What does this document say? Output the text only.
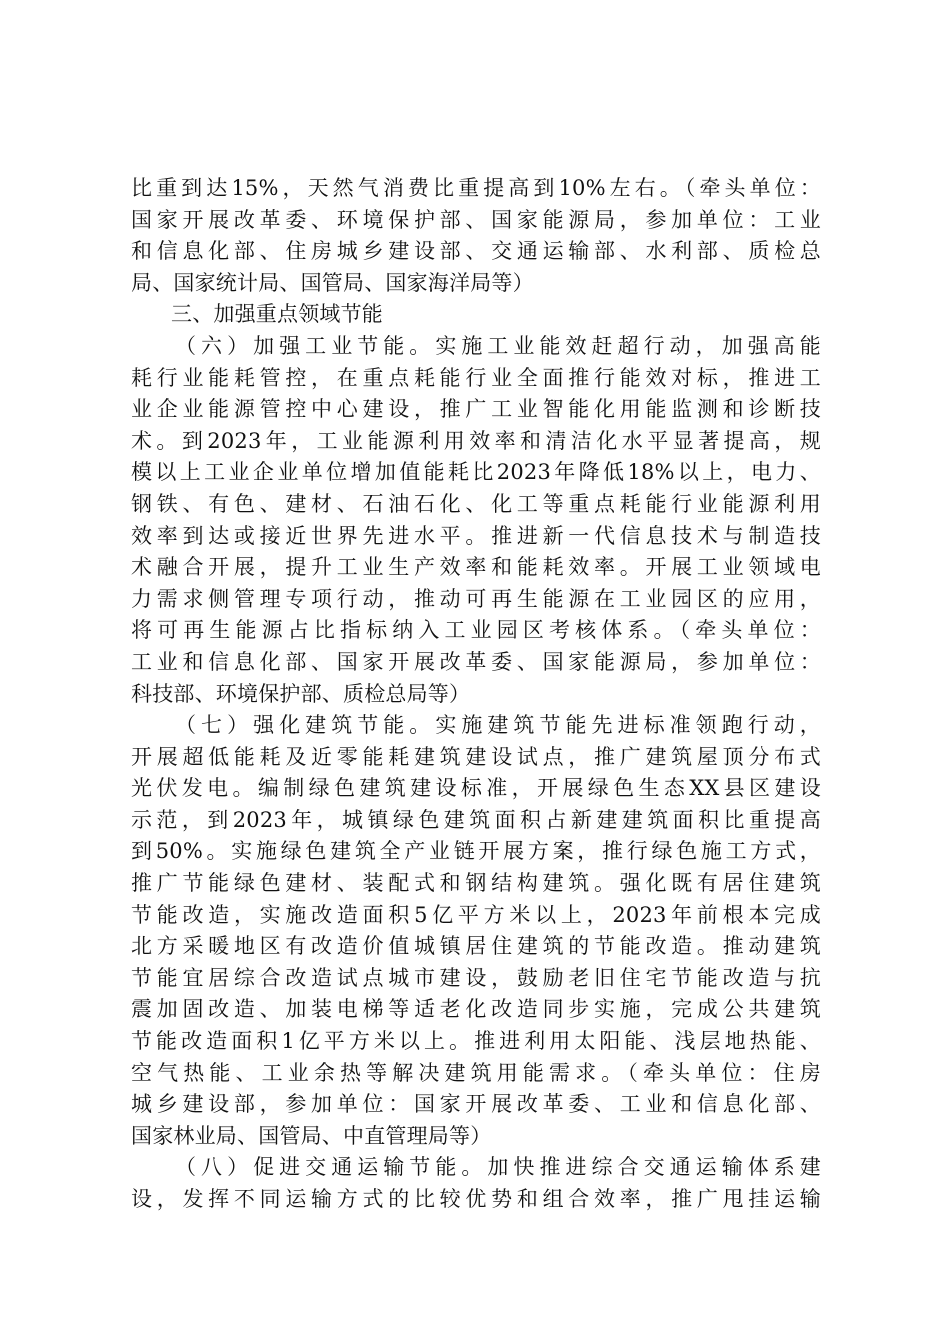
比重到达15%，天然气消费比重提高到10%左右。（牵头单位：
国家开展改革委、环境保护部、国家能源局，参加单位：工业
和信息化部、住房城乡建设部、交通运输部、水利部、质检总
局、国家统计局、国管局、国家海洋局等）
三、加强重点领域节能
（六）加强工业节能。实施工业能效赶超行动，加强高能
耗行业能耗管控，在重点耗能行业全面推行能效对标，推进工
业企业能源管控中心建设，推广工业智能化用能监测和诊断技
术。到2023年，工业能源利用效率和清洁化水平显著提高，规
模以上工业企业单位增加值能耗比2023年降低18%以上，电力、
钢铁、有色、建材、石油石化、化工等重点耗能行业能源利用
效率到达或接近世界先进水平。推进新一代信息技术与制造技
术融合开展，提升工业生产效率和能耗效率。开展工业领域电
力需求侧管理专项行动，推动可再生能源在工业园区的应用，
将可再生能源占比指标纳入工业园区考核体系。（牵头单位：
工业和信息化部、国家开展改革委、国家能源局，参加单位：
科技部、环境保护部、质检总局等）
（七）强化建筑节能。实施建筑节能先进标准领跑行动，
开展超低能耗及近零能耗建筑建设试点，推广建筑屋顶分布式
光伏发电。编制绿色建筑建设标准，开展绿色生态XX县区建设
示范，到2023年，城镇绿色建筑面积占新建建筑面积比重提高
到50%。实施绿色建筑全产业链开展方案，推行绿色施工方式，
推广节能绿色建材、装配式和钢结构建筑。强化既有居住建筑
节能改造，实施改造面积5亿平方米以上，2023年前根本完成
北方采暖地区有改造价值城镇居住建筑的节能改造。推动建筑
节能宜居综合改造试点城市建设，鼓励老旧住宅节能改造与抗
震加固改造、加装电梯等适老化改造同步实施，完成公共建筑
节能改造面积1亿平方米以上。推进利用太阳能、浅层地热能、
空气热能、工业余热等解决建筑用能需求。（牵头单位：住房
城乡建设部，参加单位：国家开展改革委、工业和信息化部、
国家林业局、国管局、中直管理局等）
（八）促进交通运输节能。加快推进综合交通运输体系建
设，发挥不同运输方式的比较优势和组合效率，推广甩挂运输
